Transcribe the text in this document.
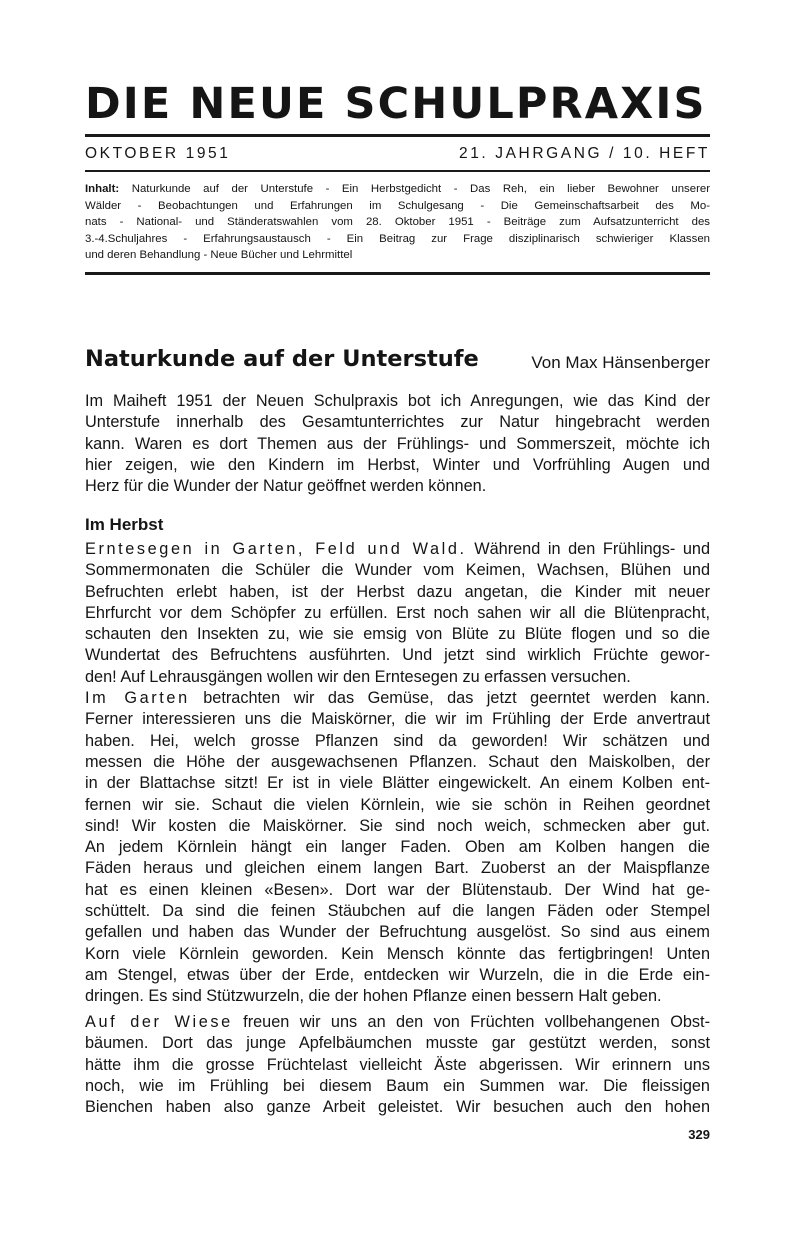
DIE NEUE SCHULPRAXIS
OKTOBER 1951	21. JAHRGANG / 10. HEFT
Inhalt: Naturkunde auf der Unterstufe - Ein Herbstgedicht - Das Reh, ein lieber Bewohner unserer
Wälder - Beobachtungen und Erfahrungen im Schulgesang - Die Gemeinschaftsarbeit des Mo-
nats - National- und Ständeratswahlen vom 28. Oktober 1951 - Beiträge zum Aufsatzunterricht des
3.-4.Schuljahres - Erfahrungsaustausch - Ein Beitrag zur Frage disziplinarisch schwieriger Klassen
und deren Behandlung - Neue Bücher und Lehrmittel
Naturkunde auf der Unterstufe	Von Max Hänsenberger
Im Maiheft 1951 der Neuen Schulpraxis bot ich Anregungen, wie das Kind der
Unterstufe innerhalb des Gesamtunterrichtes zur Natur hingebracht werden
kann. Waren es dort Themen aus der Frühlings- und Sommerszeit, möchte ich
hier zeigen, wie den Kindern im Herbst, Winter und Vorfrühling Augen und
Herz für die Wunder der Natur geöffnet werden können.
Im Herbst
Erntesegen in Garten, Feld und Wald. Während in den Frühlings- und
Sommermonaten die Schüler die Wunder vom Keimen, Wachsen, Blühen und
Befruchten erlebt haben, ist der Herbst dazu angetan, die Kinder mit neuer
Ehrfurcht vor dem Schöpfer zu erfüllen. Erst noch sahen wir all die Blütenpracht,
schauten den Insekten zu, wie sie emsig von Blüte zu Blüte flogen und so die
Wundertat des Befruchtens ausführten. Und jetzt sind wirklich Früchte gewor-
den! Auf Lehrausgängen wollen wir den Erntesegen zu erfassen versuchen.
Im Garten betrachten wir das Gemüse, das jetzt geerntet werden kann.
Ferner interessieren uns die Maiskörner, die wir im Frühling der Erde anvertraut
haben. Hei, welch grosse Pflanzen sind da geworden! Wir schätzen und
messen die Höhe der ausgewachsenen Pflanzen. Schaut den Maiskolben, der
in der Blattachse sitzt! Er ist in viele Blätter eingewickelt. An einem Kolben ent-
fernen wir sie. Schaut die vielen Körnlein, wie sie schön in Reihen geordnet
sind! Wir kosten die Maiskörner. Sie sind noch weich, schmecken aber gut.
An jedem Körnlein hängt ein langer Faden. Oben am Kolben hangen die
Fäden heraus und gleichen einem langen Bart. Zuoberst an der Maispflanze
hat es einen kleinen «Besen». Dort war der Blütenstaub. Der Wind hat ge-
schüttelt. Da sind die feinen Stäubchen auf die langen Fäden oder Stempel
gefallen und haben das Wunder der Befruchtung ausgelöst. So sind aus einem
Korn viele Körnlein geworden. Kein Mensch könnte das fertigbringen! Unten
am Stengel, etwas über der Erde, entdecken wir Wurzeln, die in die Erde ein-
dringen. Es sind Stützwurzeln, die der hohen Pflanze einen bessern Halt geben.
Auf der Wiese freuen wir uns an den von Früchten vollbehangenen Obst-
bäumen. Dort das junge Apfelbäumchen musste gar gestützt werden, sonst
hätte ihm die grosse Früchtelast vielleicht Äste abgerissen. Wir erinnern uns
noch, wie im Frühling bei diesem Baum ein Summen war. Die fleissigen
Bienchen haben also ganze Arbeit geleistet. Wir besuchen auch den hohen
329
